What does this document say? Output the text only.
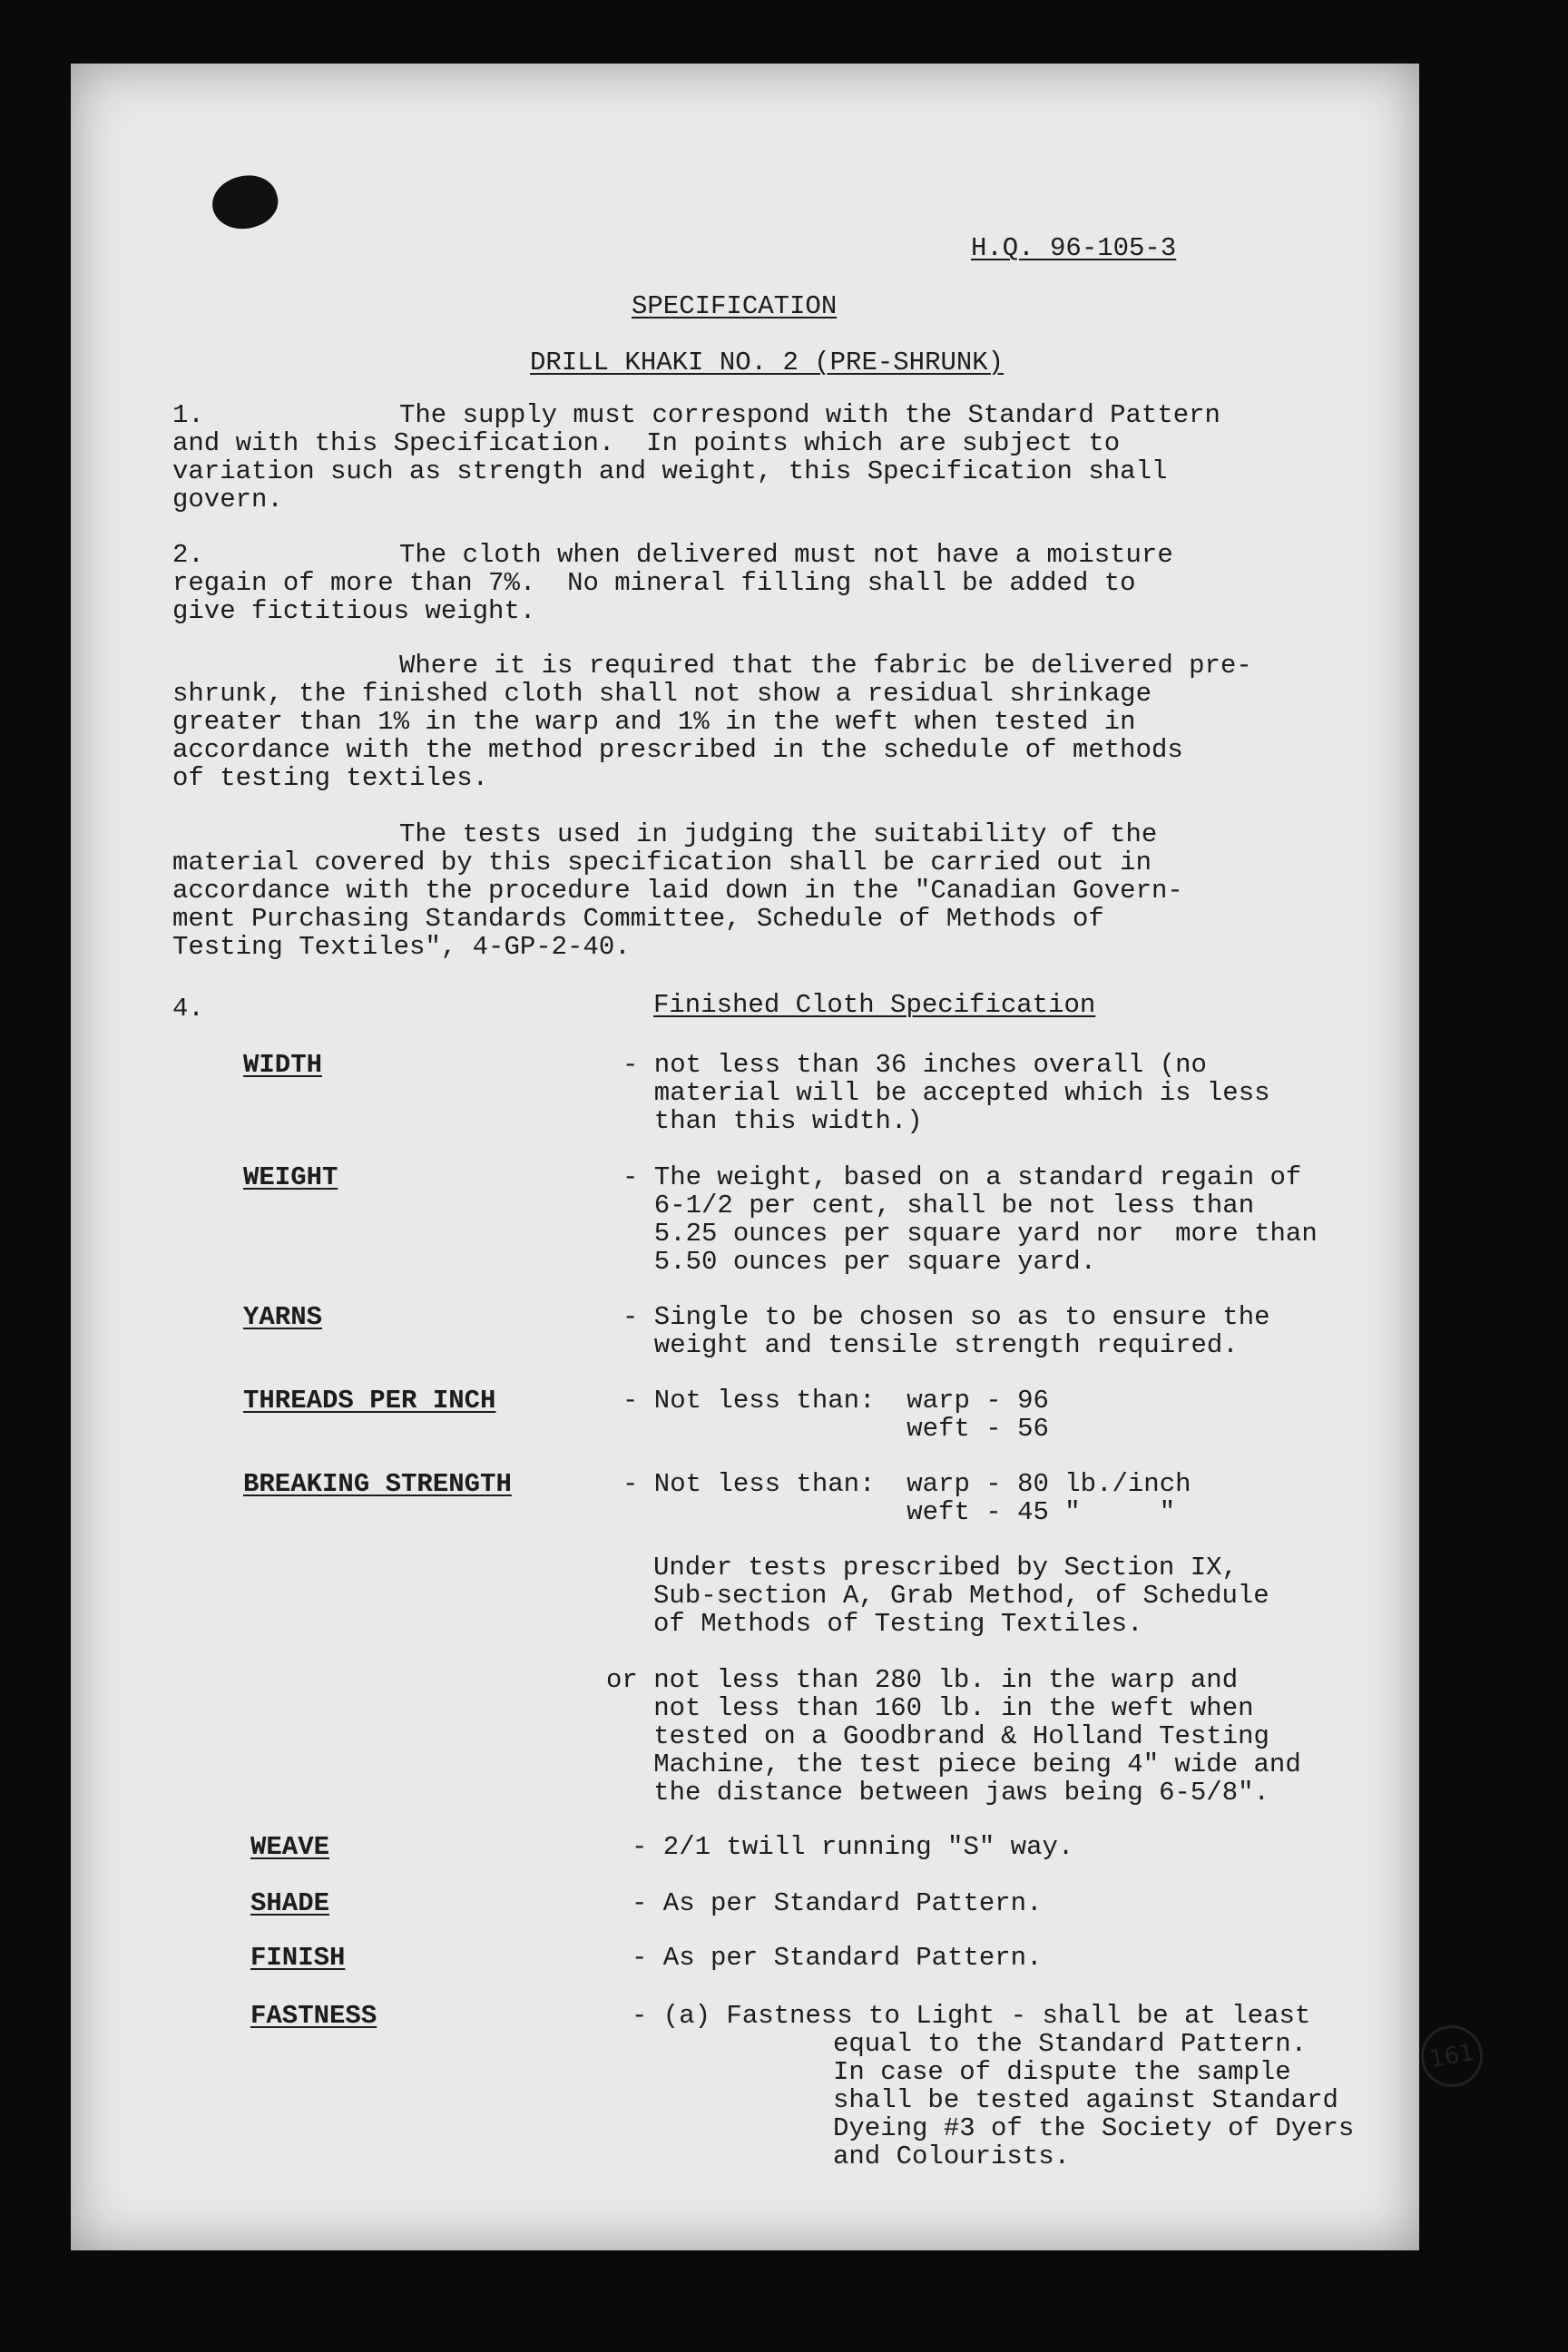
H.Q. 96-105-3
SPECIFICATION
DRILL KHAKI NO. 2 (PRE-SHRUNK)
1.	The supply must correspond with the Standard Pattern
and with this Specification.  In points which are subject to
variation such as strength and weight, this Specification shall
govern.
2.	The cloth when delivered must not have a moisture
regain of more than 7%.  No mineral filling shall be added to
give fictitious weight.
Where it is required that the fabric be delivered pre-
shrunk, the finished cloth shall not show a residual shrinkage
greater than 1% in the warp and 1% in the weft when tested in
accordance with the method prescribed in the schedule of methods
of testing textiles.
The tests used in judging the suitability of the
material covered by this specification shall be carried out in
accordance with the procedure laid down in the "Canadian Govern-
ment Purchasing Standards Committee, Schedule of Methods of
Testing Textiles", 4-GP-2-40.
4.	Finished Cloth Specification
WIDTH	- not less than 36 inches overall (no
material will be accepted which is less
than this width.)
WEIGHT	- The weight, based on a standard regain of
6-1/2 per cent, shall be not less than
5.25 ounces per square yard nor  more than
5.50 ounces per square yard.
YARNS	- Single to be chosen so as to ensure the
weight and tensile strength required.
THREADS PER INCH	- Not less than:  warp - 96
weft - 56
BREAKING STRENGTH	- Not less than:  warp - 80 lb./inch
weft - 45 "     "
Under tests prescribed by Section IX,
Sub-section A, Grab Method, of Schedule
of Methods of Testing Textiles.
or not less than 280 lb. in the warp and
not less than 160 lb. in the weft when
tested on a Goodbrand & Holland Testing
Machine, the test piece being 4" wide and
the distance between jaws being 6-5/8".
WEAVE	- 2/1 twill running "S" way.
SHADE	- As per Standard Pattern.
FINISH	- As per Standard Pattern.
FASTNESS	- (a) Fastness to Light - shall be at least
equal to the Standard Pattern.
In case of dispute the sample
shall be tested against Standard
Dyeing #3 of the Society of Dyers
and Colourists.
161
